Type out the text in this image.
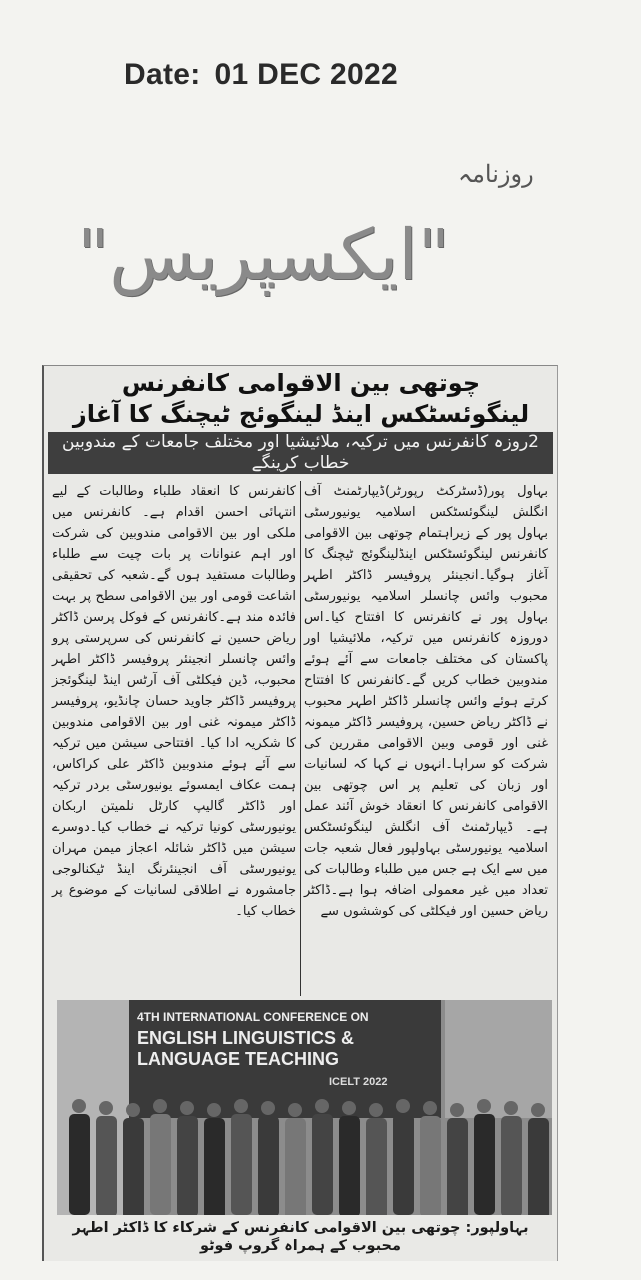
Date: 01 DEC 2022
روزنامہ
"ایکسپریس"
چوتھی بین الاقوامی کانفرنس لینگوئسٹکس اینڈ لینگوئج ٹیچنگ کا آغاز
2روزہ کانفرنس میں ترکیہ، ملائیشیا اور مختلف جامعات کے مندوبین خطاب کرینگے
بہاول پور(ڈسٹرکٹ رپورٹر)ڈیپارٹمنٹ آف انگلش لینگوئسٹکس اسلامیہ یونیورسٹی بہاول پور کے زیراہتمام چوتھی بین الاقوامی کانفرنس لینگوئسٹکس اینڈلینگوئج ٹیچنگ کا آغاز ہوگیا۔انجینئر پروفیسر ڈاکٹر اطہر محبوب وائس چانسلر اسلامیہ یونیورسٹی بہاول پور نے کانفرنس کا افتتاح کیا۔اس دوروزہ کانفرنس میں ترکیہ، ملائیشیا اور پاکستان کی مختلف جامعات سے آئے ہوئے مندوبین خطاب کریں گے۔کانفرنس کا افتتاح کرتے ہوئے وائس چانسلر ڈاکٹر اطہر محبوب نے ڈاکٹر ریاض حسین، پروفیسر ڈاکٹر میمونہ غنی اور قومی وبین الاقوامی مقررین کی شرکت کو سراہا۔انہوں نے کہا کہ لسانیات اور زبان کی تعلیم پر اس چوتھی بین الاقوامی کانفرنس کا انعقاد خوش آئند عمل ہے۔ ڈیپارٹمنٹ آف انگلش لینگوئسٹکس اسلامیہ یونیورسٹی بہاولپور فعال شعبہ جات میں سے ایک ہے جس میں طلباء وطالبات کی تعداد میں غیر معمولی اضافہ ہوا ہے۔ڈاکٹر ریاض حسین اور فیکلٹی کی کوششوں سے
کانفرنس کا انعقاد طلباء وطالبات کے لیے انتہائی احسن اقدام ہے۔ کانفرنس میں ملکی اور بین الاقوامی مندوبین کی شرکت اور اہم عنوانات پر بات چیت سے طلباء وطالبات مستفید ہوں گے۔شعبہ کی تحقیقی اشاعت قومی اور بین الاقوامی سطح پر بہت فائدہ مند ہے۔کانفرنس کے فوکل پرسن ڈاکٹر ریاض حسین نے کانفرنس کی سرپرستی پرو وائس چانسلر انجینئر پروفیسر ڈاکٹر اطہر محبوب، ڈین فیکلٹی آف آرٹس اینڈ لینگوئجز پروفیسر ڈاکٹر جاوید حسان چانڈیو، پروفیسر ڈاکٹر میمونہ غنی اور بین الاقوامی مندوبین کا شکریہ ادا کیا۔ افتتاحی سیشن میں ترکیہ سے آئے ہوئے مندوبین ڈاکٹر علی کراکاس، ہمت عکاف ایمسوئے یونیورسٹی بردر ترکیہ اور ڈاکٹر گالیپ کارٹل نلمیتن اربکان یونیورسٹی کونیا ترکیہ نے خطاب کیا۔دوسرے سیشن میں ڈاکٹر شائلہ اعجاز میمن مہران یونیورسٹی آف انجینئرنگ اینڈ ٹیکنالوجی جامشورہ نے اطلاقی لسانیات کے موضوع پر خطاب کیا۔
4TH INTERNATIONAL CONFERENCE ON
ENGLISH LINGUISTICS & LANGUAGE TEACHING
ICELT 2022
بہاولپور: چوتھی بین الاقوامی کانفرنس کے شرکاء کا ڈاکٹر اطہر محبوب کے ہمراہ گروپ فوٹو
